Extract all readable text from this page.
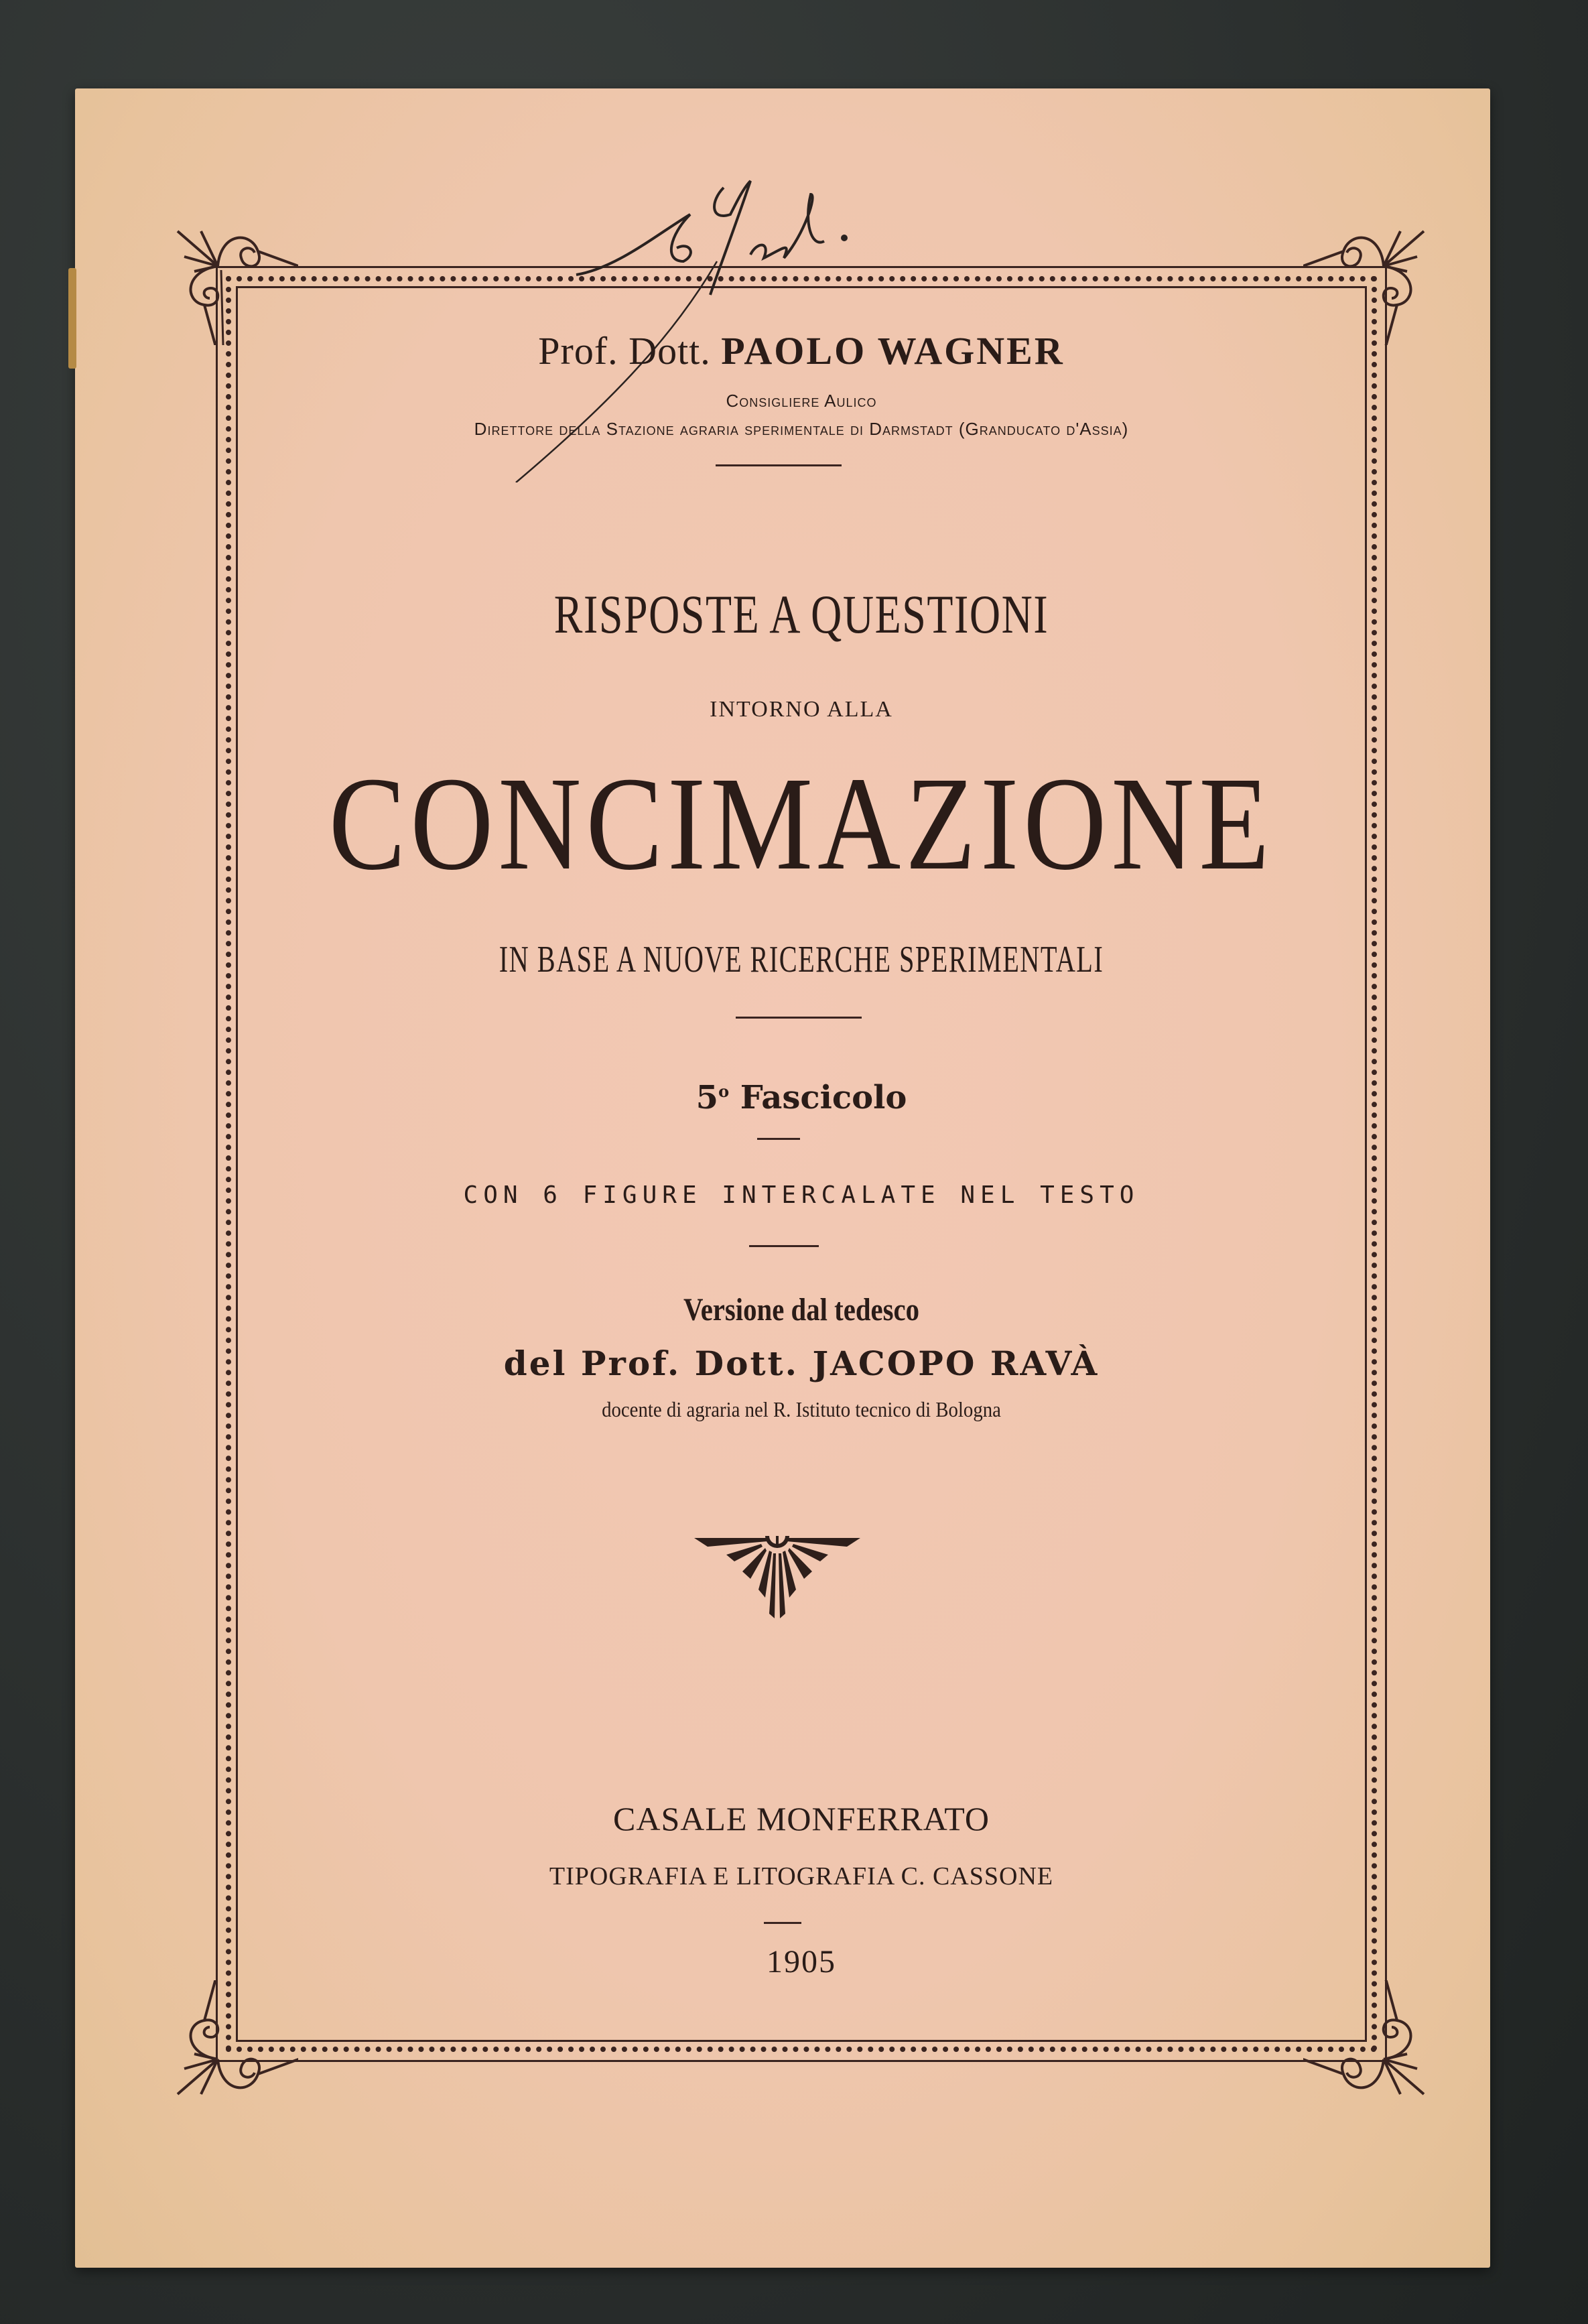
Prof. Dott. PAOLO WAGNER
Consigliere Aulico
Direttore della Stazione agraria sperimentale di Darmstadt (Granducato d'Assia)
RISPOSTE A QUESTIONI
INTORNO ALLA
CONCIMAZIONE
IN BASE A NUOVE RICERCHE SPERIMENTALI
5$^o$ Fascicolo
CON 6 FIGURE INTERCALATE NEL TESTO
Versione dal tedesco
del Prof. Dott. JACOPO RAVÀ
docente di agraria nel R. Istituto tecnico di Bologna
CASALE MONFERRATO
TIPOGRAFIA E LITOGRAFIA C. CASSONE
1905
